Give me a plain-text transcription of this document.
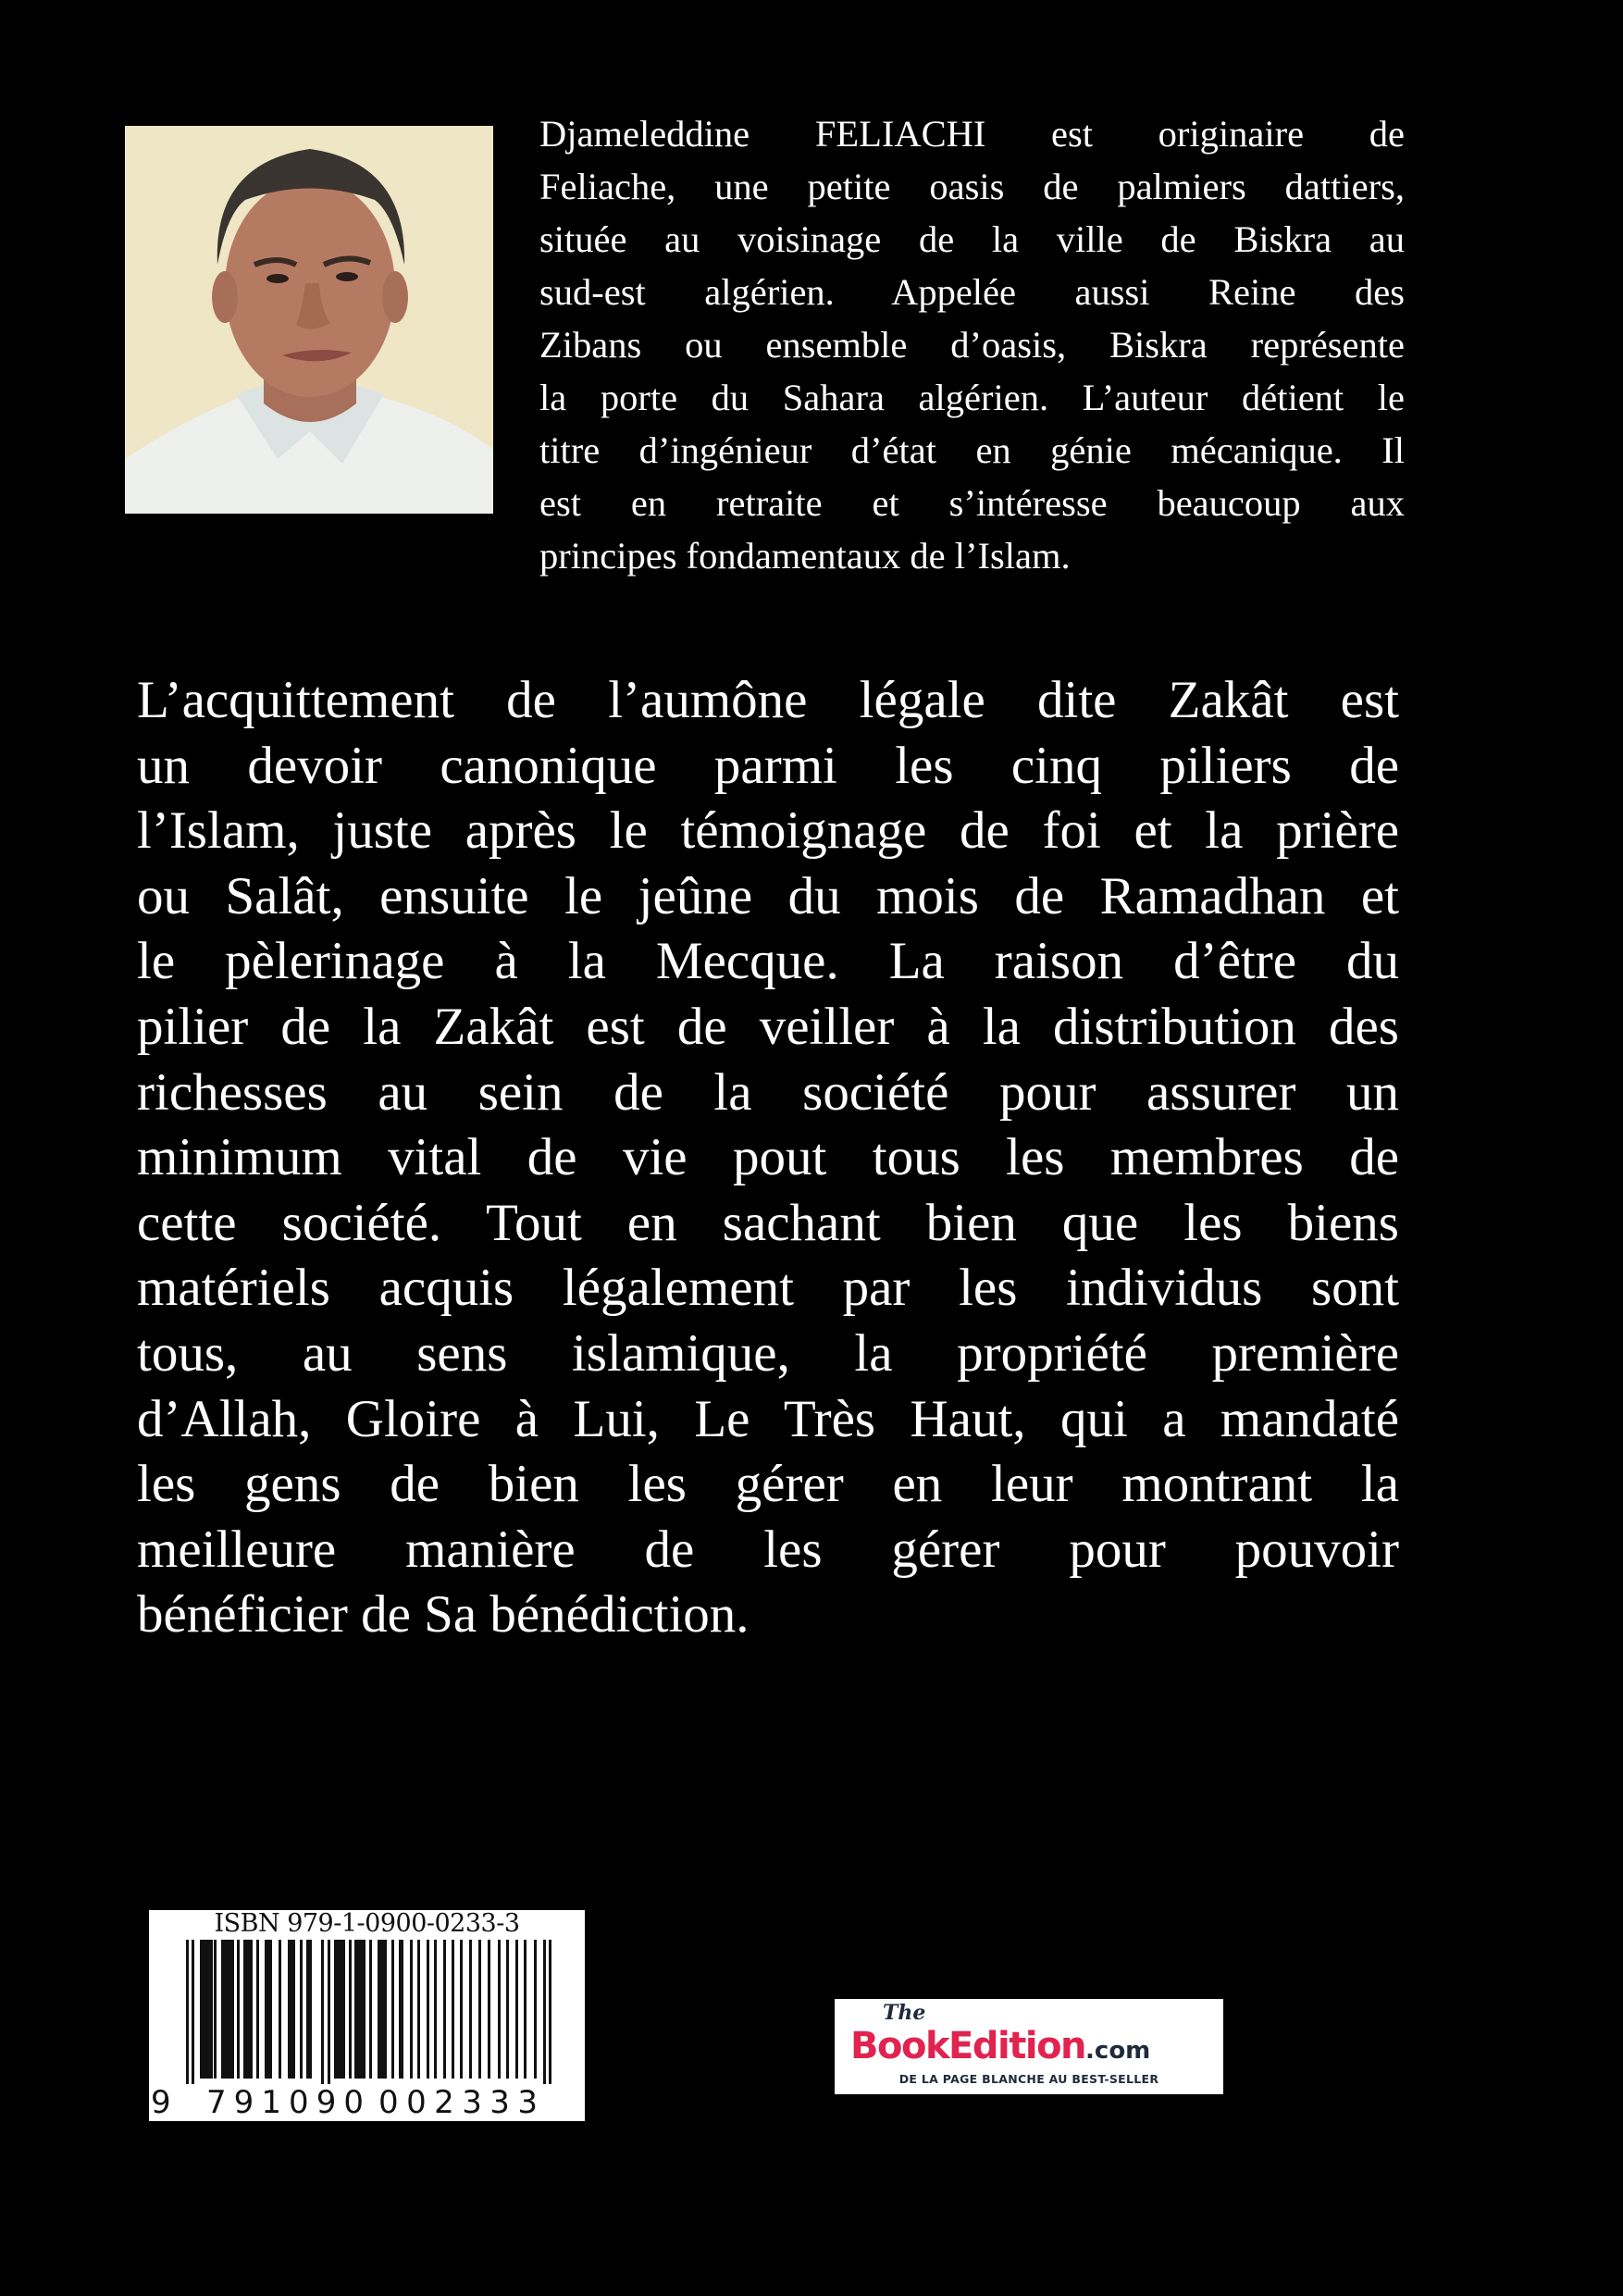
Djameleddine FELIACHI est originaire de
Feliache, une petite oasis de palmiers dattiers,
située au voisinage de la ville de Biskra au
sud-est algérien. Appelée aussi Reine des
Zibans ou ensemble d’oasis, Biskra représente
la porte du Sahara algérien. L’auteur détient le
titre d’ingénieur d’état en génie mécanique. Il
est en retraite et s’intéresse beaucoup aux
principes fondamentaux de l’Islam.
L’acquittement de l’aumône légale dite Zakât est
un devoir canonique parmi les cinq piliers de
l’Islam, juste après le témoignage de foi et la prière
ou Salât, ensuite le jeûne du mois de Ramadhan et
le pèlerinage à la Mecque. La raison d’être du
pilier de la Zakât est de veiller à la distribution des
richesses au sein de la société pour assurer un
minimum vital de vie pout tous les membres de
cette société. Tout en sachant bien que les biens
matériels acquis légalement par les individus sont
tous, au sens islamique, la propriété première
d’Allah, Gloire à Lui, Le Très Haut, qui a mandaté
les gens de bien les gérer en leur montrant la
meilleure manière de les gérer pour pouvoir
bénéficier de Sa bénédiction.
ISBN 979-1-0900-0233-3
9 7 9 1 0 9 0 0 0 2 3 3 3
The
BookEdition.com
DE LA PAGE BLANCHE AU BEST-SELLER
